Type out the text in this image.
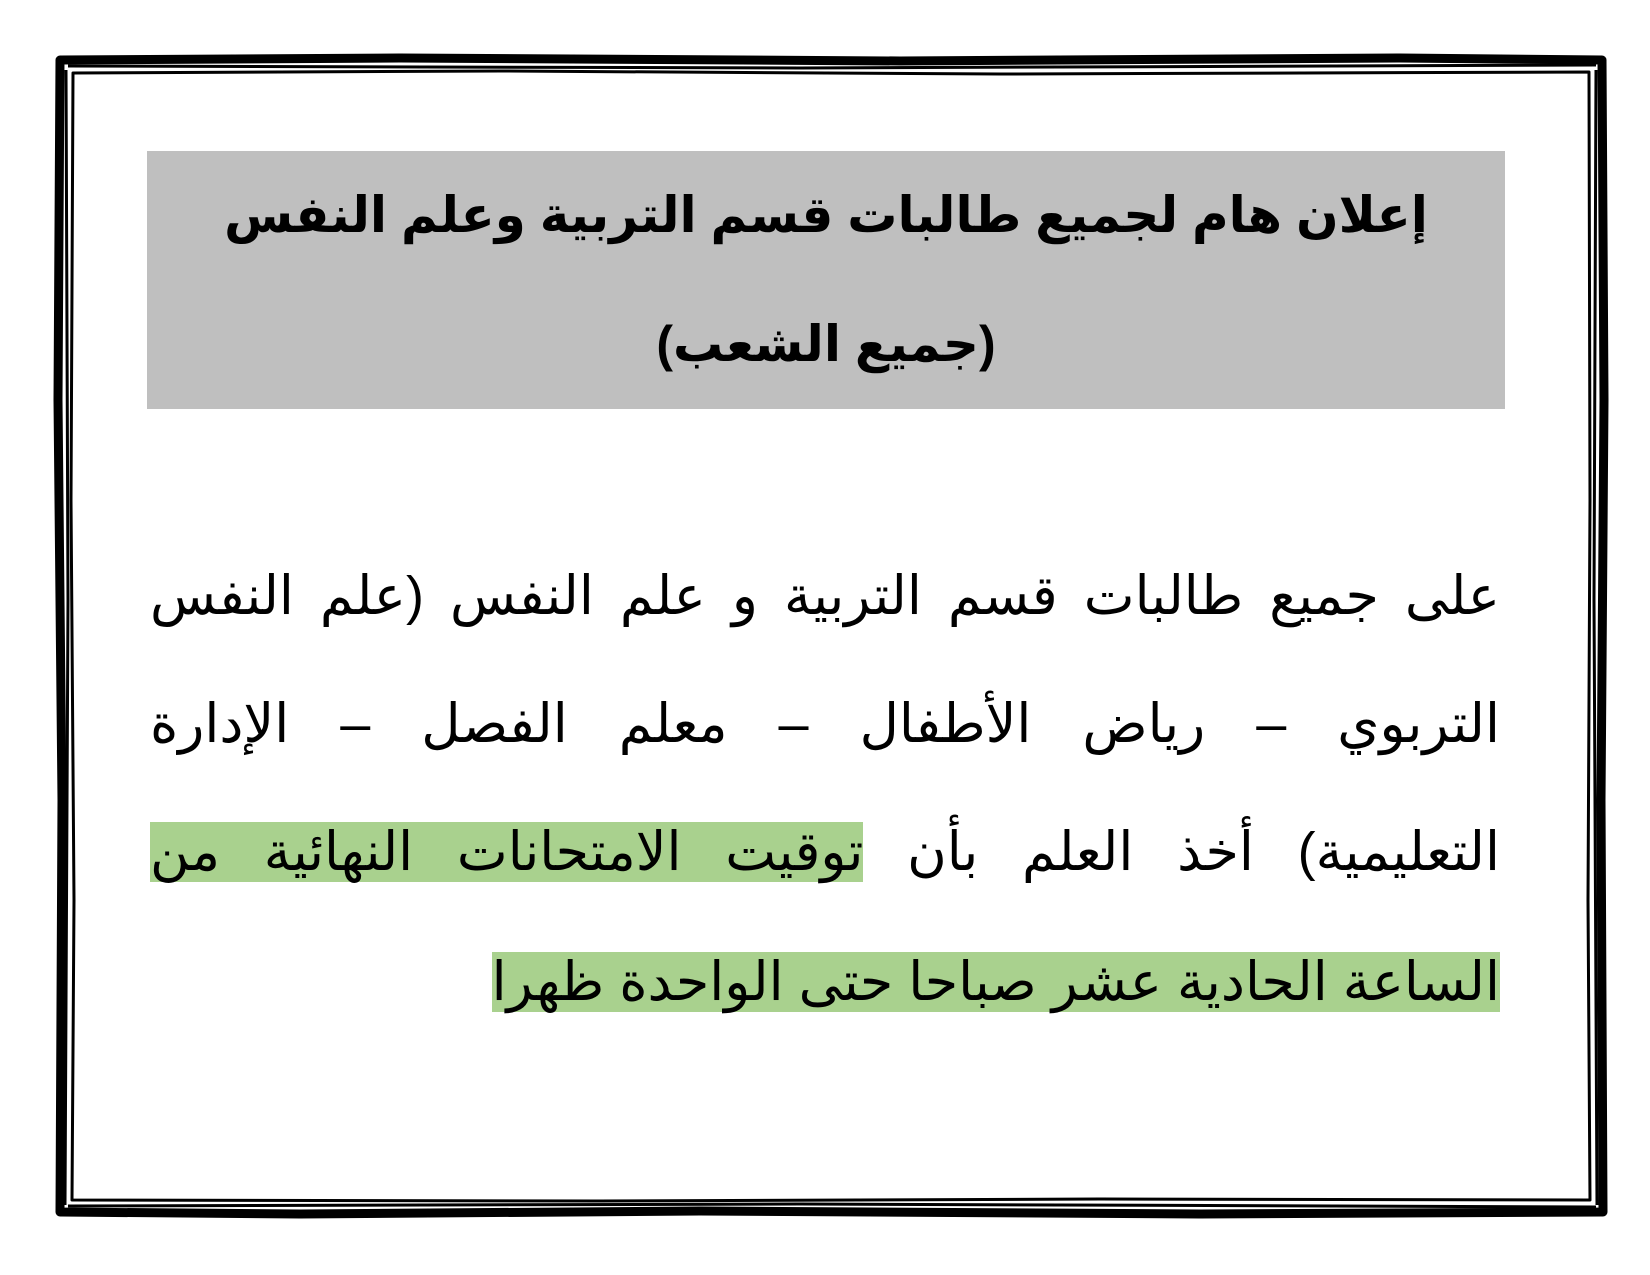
إعلان هام لجميع طالبات قسم التربية وعلم النفس
(جميع الشعب)
على جميع طالبات قسم التربية و علم النفس (علم النفس
التربوي – رياض الأطفال – معلم الفصل – الإدارة
التعليمية) أخذ العلم بأن توقيت الامتحانات النهائية من
الساعة الحادية عشر صباحا حتى الواحدة ظهرا
